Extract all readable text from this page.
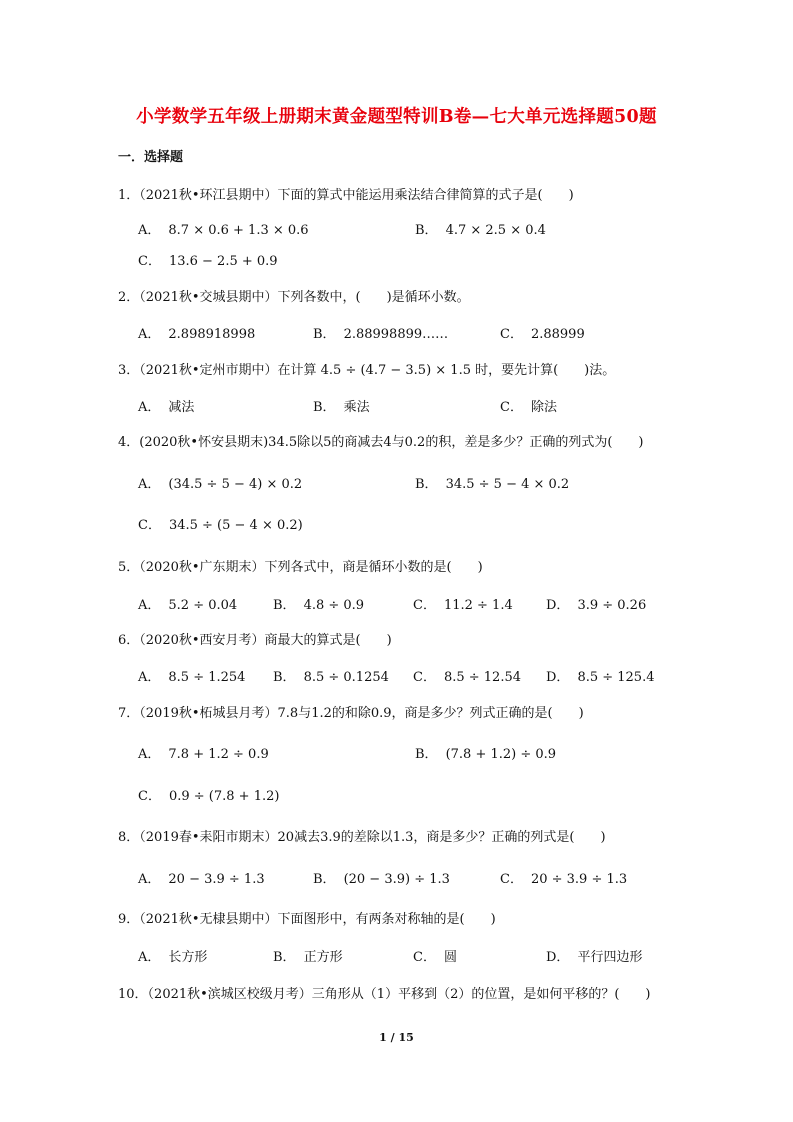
小学数学五年级上册期末黄金题型特训B卷—七大单元选择题50题
一．选择题
1．（2021秋•环江县期中）下面的算式中能运用乘法结合律简算的式子是(　　)
A． 8.7 × 0.6 + 1.3 × 0.6	B． 4.7 × 2.5 × 0.4
C． 13.6 − 2.5 + 0.9
2．（2021秋•交城县期中）下列各数中，(　　)是循环小数。
A． 2.898918998	B． 2.88998899……	C． 2.88999
3．（2021秋•定州市期中）在计算 4.5 ÷ (4.7 − 3.5) × 1.5 时，要先计算(　　)法。
A． 减法	B． 乘法	C． 除法
4．(2020秋•怀安县期末)34.5除以5的商减去4与0.2的积，差是多少？正确的列式为(　　)
A． (34.5 ÷ 5 − 4) × 0.2	B． 34.5 ÷ 5 − 4 × 0.2
C． 34.5 ÷ (5 − 4 × 0.2)
5．（2020秋•广东期末）下列各式中，商是循环小数的是(　　)
A． 5.2 ÷ 0.04	B． 4.8 ÷ 0.9	C． 11.2 ÷ 1.4	D． 3.9 ÷ 0.26
6．（2020秋•西安月考）商最大的算式是(　　)
A． 8.5 ÷ 1.254 B． 8.5 ÷ 0.1254 C． 8.5 ÷ 12.54 D． 8.5 ÷ 125.4
7．（2019秋•柘城县月考）7.8与1.2的和除0.9，商是多少？列式正确的是(　　)
A． 7.8 + 1.2 ÷ 0.9	B． (7.8 + 1.2) ÷ 0.9
C． 0.9 ÷ (7.8 + 1.2)
8．（2019春•耒阳市期末）20减去3.9的差除以1.3，商是多少？正确的列式是(　　)
A． 20 − 3.9 ÷ 1.3	B． (20 − 3.9) ÷ 1.3	C． 20 ÷ 3.9 ÷ 1.3
9．（2021秋•无棣县期中）下面图形中，有两条对称轴的是(　　)
A． 长方形	B． 正方形	C． 圆	D． 平行四边形
10．（2021秋•滨城区校级月考）三角形从（1）平移到（2）的位置，是如何平移的？(　　)
1 / 15
